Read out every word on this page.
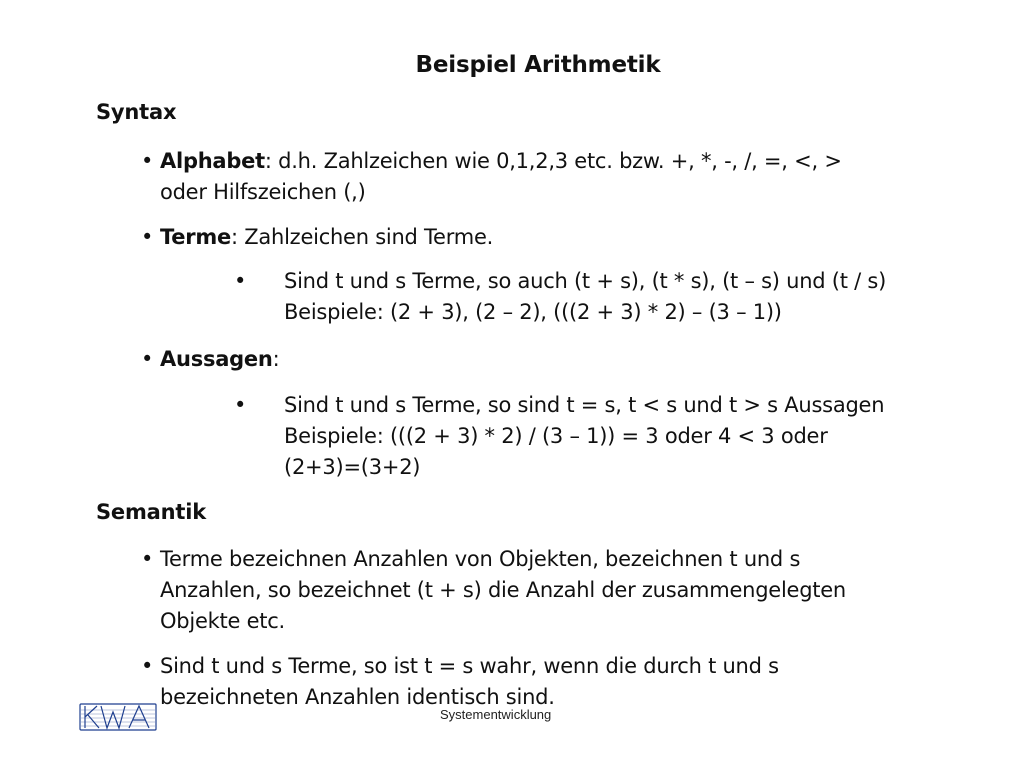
Beispiel Arithmetik
Syntax
• Alphabet: d.h. Zahlzeichen wie 0,1,2,3 etc. bzw. +, *, -, /, =, <, >
oder Hilfszeichen (,)
• Terme: Zahlzeichen sind Terme.
• Sind t und s Terme, so auch (t + s), (t * s), (t – s) und (t / s)
Beispiele: (2 + 3), (2 – 2), (((2 + 3) * 2) – (3 – 1))
• Aussagen:
• Sind t und s Terme, so sind t = s, t < s und t > s Aussagen
Beispiele: (((2 + 3) * 2) / (3 – 1)) = 3 oder 4 < 3 oder
(2+3)=(3+2)
Semantik
• Terme bezeichnen Anzahlen von Objekten, bezeichnen t und s
Anzahlen, so bezeichnet (t + s) die Anzahl der zusammengelegten
Objekte etc.
• Sind t und s Terme, so ist t = s wahr, wenn die durch t und s
bezeichneten Anzahlen identisch sind.
Systementwicklung
